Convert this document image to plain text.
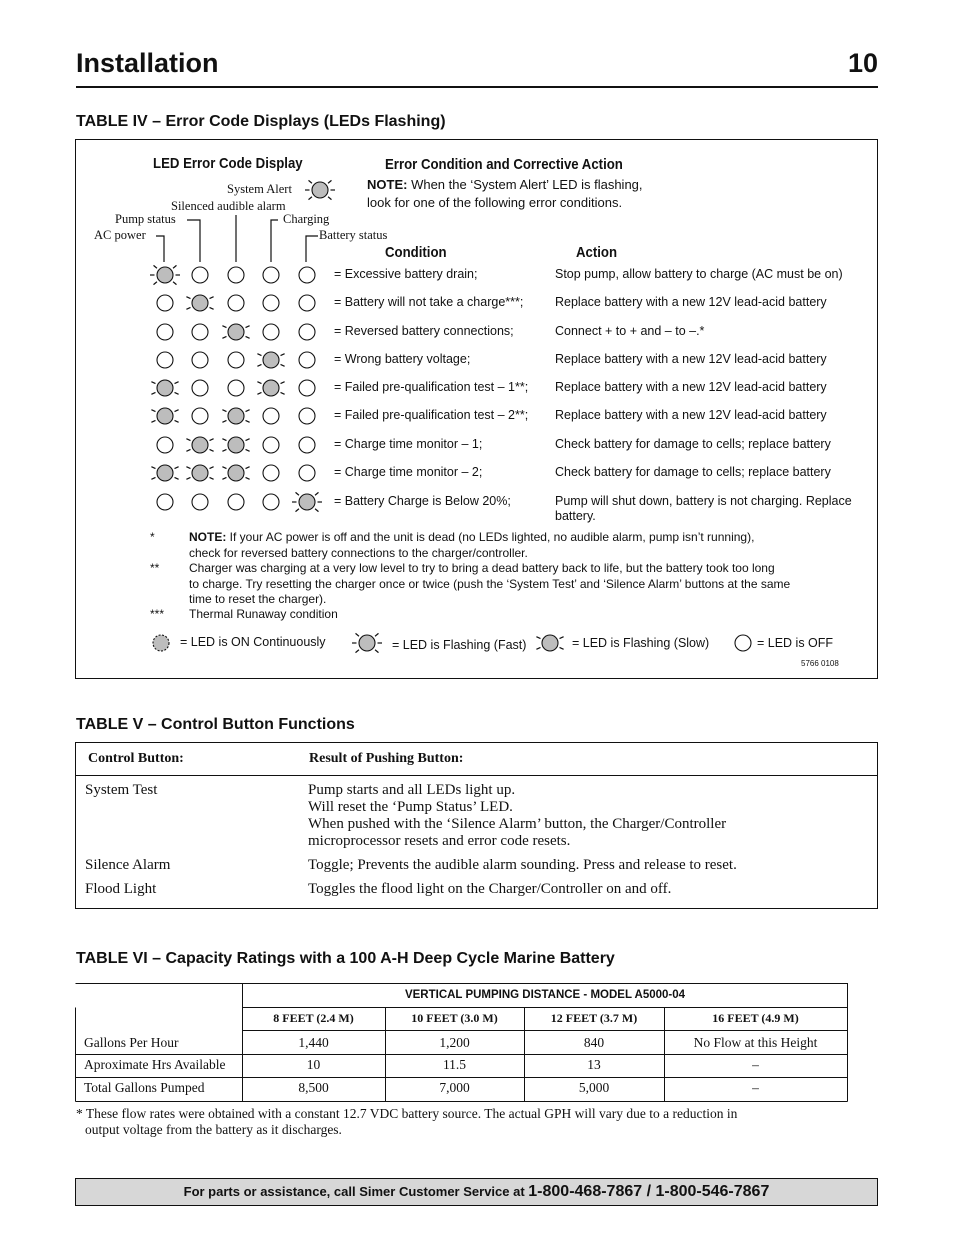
Installation	10
TABLE IV – Error Code Displays (LEDs Flashing)
LED Error Code Display	Error Condition and Corrective Action
NOTE: When the ‘System Alert’ LED is flashing,
look for one of the following error conditions.
System Alert
Silenced audible alarm
Pump status	Charging
AC power	Battery status
Condition	Action
= Excessive battery drain;	Stop pump, allow battery to charge (AC must be on)
= Battery will not take a charge***;	Replace battery with a new 12V lead-acid battery
= Reversed battery connections;	Connect + to + and – to –.*
= Wrong battery voltage;	Replace battery with a new 12V lead-acid battery
= Failed pre-qualification test – 1**; Replace battery with a new 12V lead-acid battery
= Failed pre-qualification test – 2**; Replace battery with a new 12V lead-acid battery
= Charge time monitor – 1;	Check battery for damage to cells; replace battery
= Charge time monitor – 2;	Check battery for damage to cells; replace battery
= Battery Charge is Below 20%;	Pump will shut down, battery is not charging. Replace
battery.
*	NOTE: If your AC power is off and the unit is dead (no LEDs lighted, no audible alarm, pump isn’t running),
check for reversed battery connections to the charger/controller.
** Charger was charging at a very low level to try to bring a dead battery back to life, but the battery took too long
to charge. Try resetting the charger once or twice (push the ‘System Test’ and ‘Silence Alarm’ buttons at the same
time to reset the charger).
*** Thermal Runaway condition
= LED is ON Continuously	= LED is Flashing (Fast)	= LED is Flashing (Slow)	= LED is OFF
5766 0108
TABLE V – Control Button Functions
Control Button:	Result of Pushing Button:
System Test	Pump starts and all LEDs light up.
Will reset the ‘Pump Status’ LED.
When pushed with the ‘Silence Alarm’ button, the Charger/Controller
microprocessor resets and error code resets.
Silence Alarm	Toggle; Prevents the audible alarm sounding. Press and release to reset.
Flood Light	Toggles the flood light on the Charger/Controller on and off.
TABLE VI – Capacity Ratings with a 100 A-H Deep Cycle Marine Battery
VERTICAL PUMPING DISTANCE - MODEL A5000-04
8 FEET (2.4 M)	10 FEET (3.0 M)	12 FEET (3.7 M)	16 FEET (4.9 M)
Gallons Per Hour	1,440	1,200	840	No Flow at this Height
Aproximate Hrs Available	10	11.5	13	–
Total Gallons Pumped	8,500	7,000	5,000	–
* These flow rates were obtained with a constant 12.7 VDC battery source. The actual GPH will vary due to a reduction in
output voltage from the battery as it discharges.
For parts or assistance, call Simer Customer Service at 1-800-468-7867 / 1-800-546-7867
